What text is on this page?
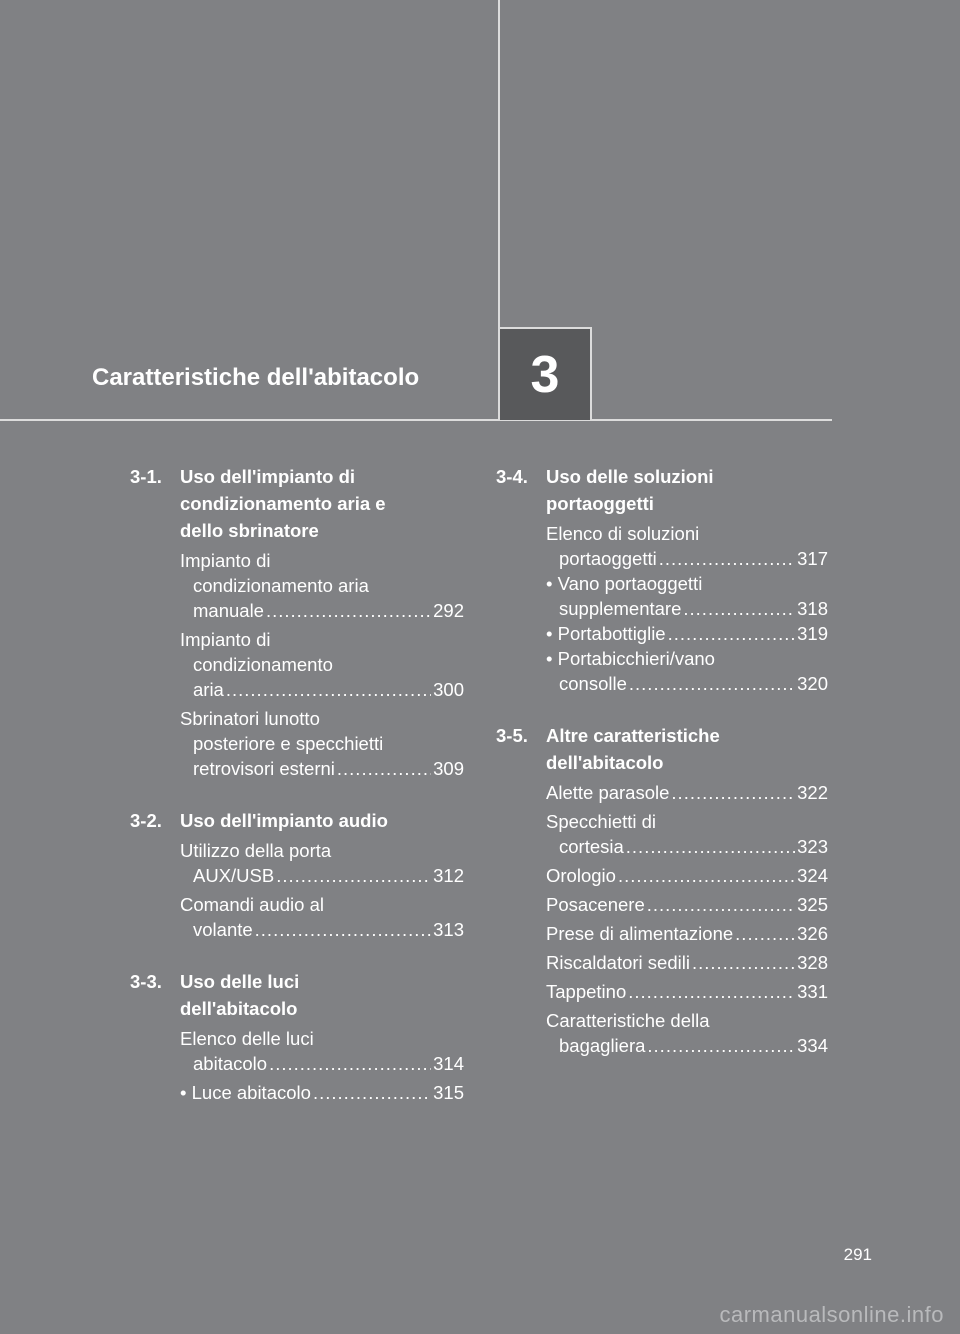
Caratteristiche dell'abitacolo 3
3-1. Uso dell'impianto di
condizionamento aria e
dello sbrinatore
Impianto di
condizionamento aria
manuale .....	292
Impianto di
condizionamento
aria .....	300
Sbrinatori lunotto
posteriore e specchietti
retrovisori esterni .....	309
3-2. Uso dell'impianto audio
Utilizzo della porta
AUX/USB .....	312
Comandi audio al
volante .....	313
3-3. Uso delle luci
dell'abitacolo
Elenco delle luci
abitacolo .....	314
• Luce abitacolo .....	315
3-4. Uso delle soluzioni
portaoggetti
Elenco di soluzioni
portaoggetti .....	317
• Vano portaoggetti
supplementare .....	318
• Portabottiglie .....	319
• Portabicchieri/vano
consolle .....	320
3-5. Altre caratteristiche
dell'abitacolo
Alette parasole .....	322
Specchietti di
cortesia .....	323
Orologio .....	324
Posacenere .....	325
Prese di alimentazione .....	326
Riscaldatori sedili .....	328
Tappetino .....	331
Caratteristiche della
bagagliera .....	334
291
carmanualsonline.info
